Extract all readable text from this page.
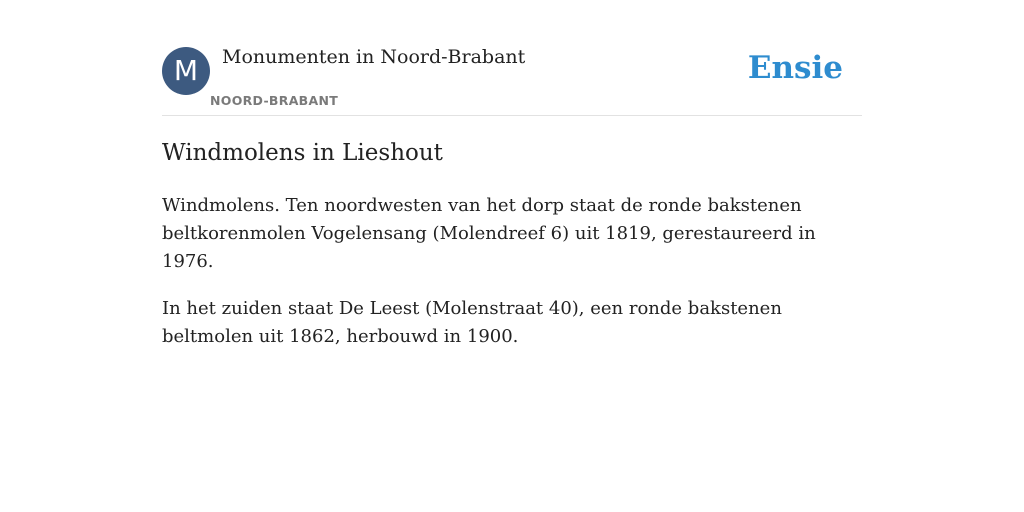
M	Monumenten in Noord-Brabant
NOORD-BRABANT
Ensie
Windmolens in Lieshout

Windmolens. Ten noordwesten van het dorp staat de ronde bakstenen beltkorenmolen Vogelensang (Molendreef 6) uit 1819, gerestaureerd in 1976.

In het zuiden staat De Leest (Molenstraat 40), een ronde bakstenen beltmolen uit 1862, herbouwd in 1900.
